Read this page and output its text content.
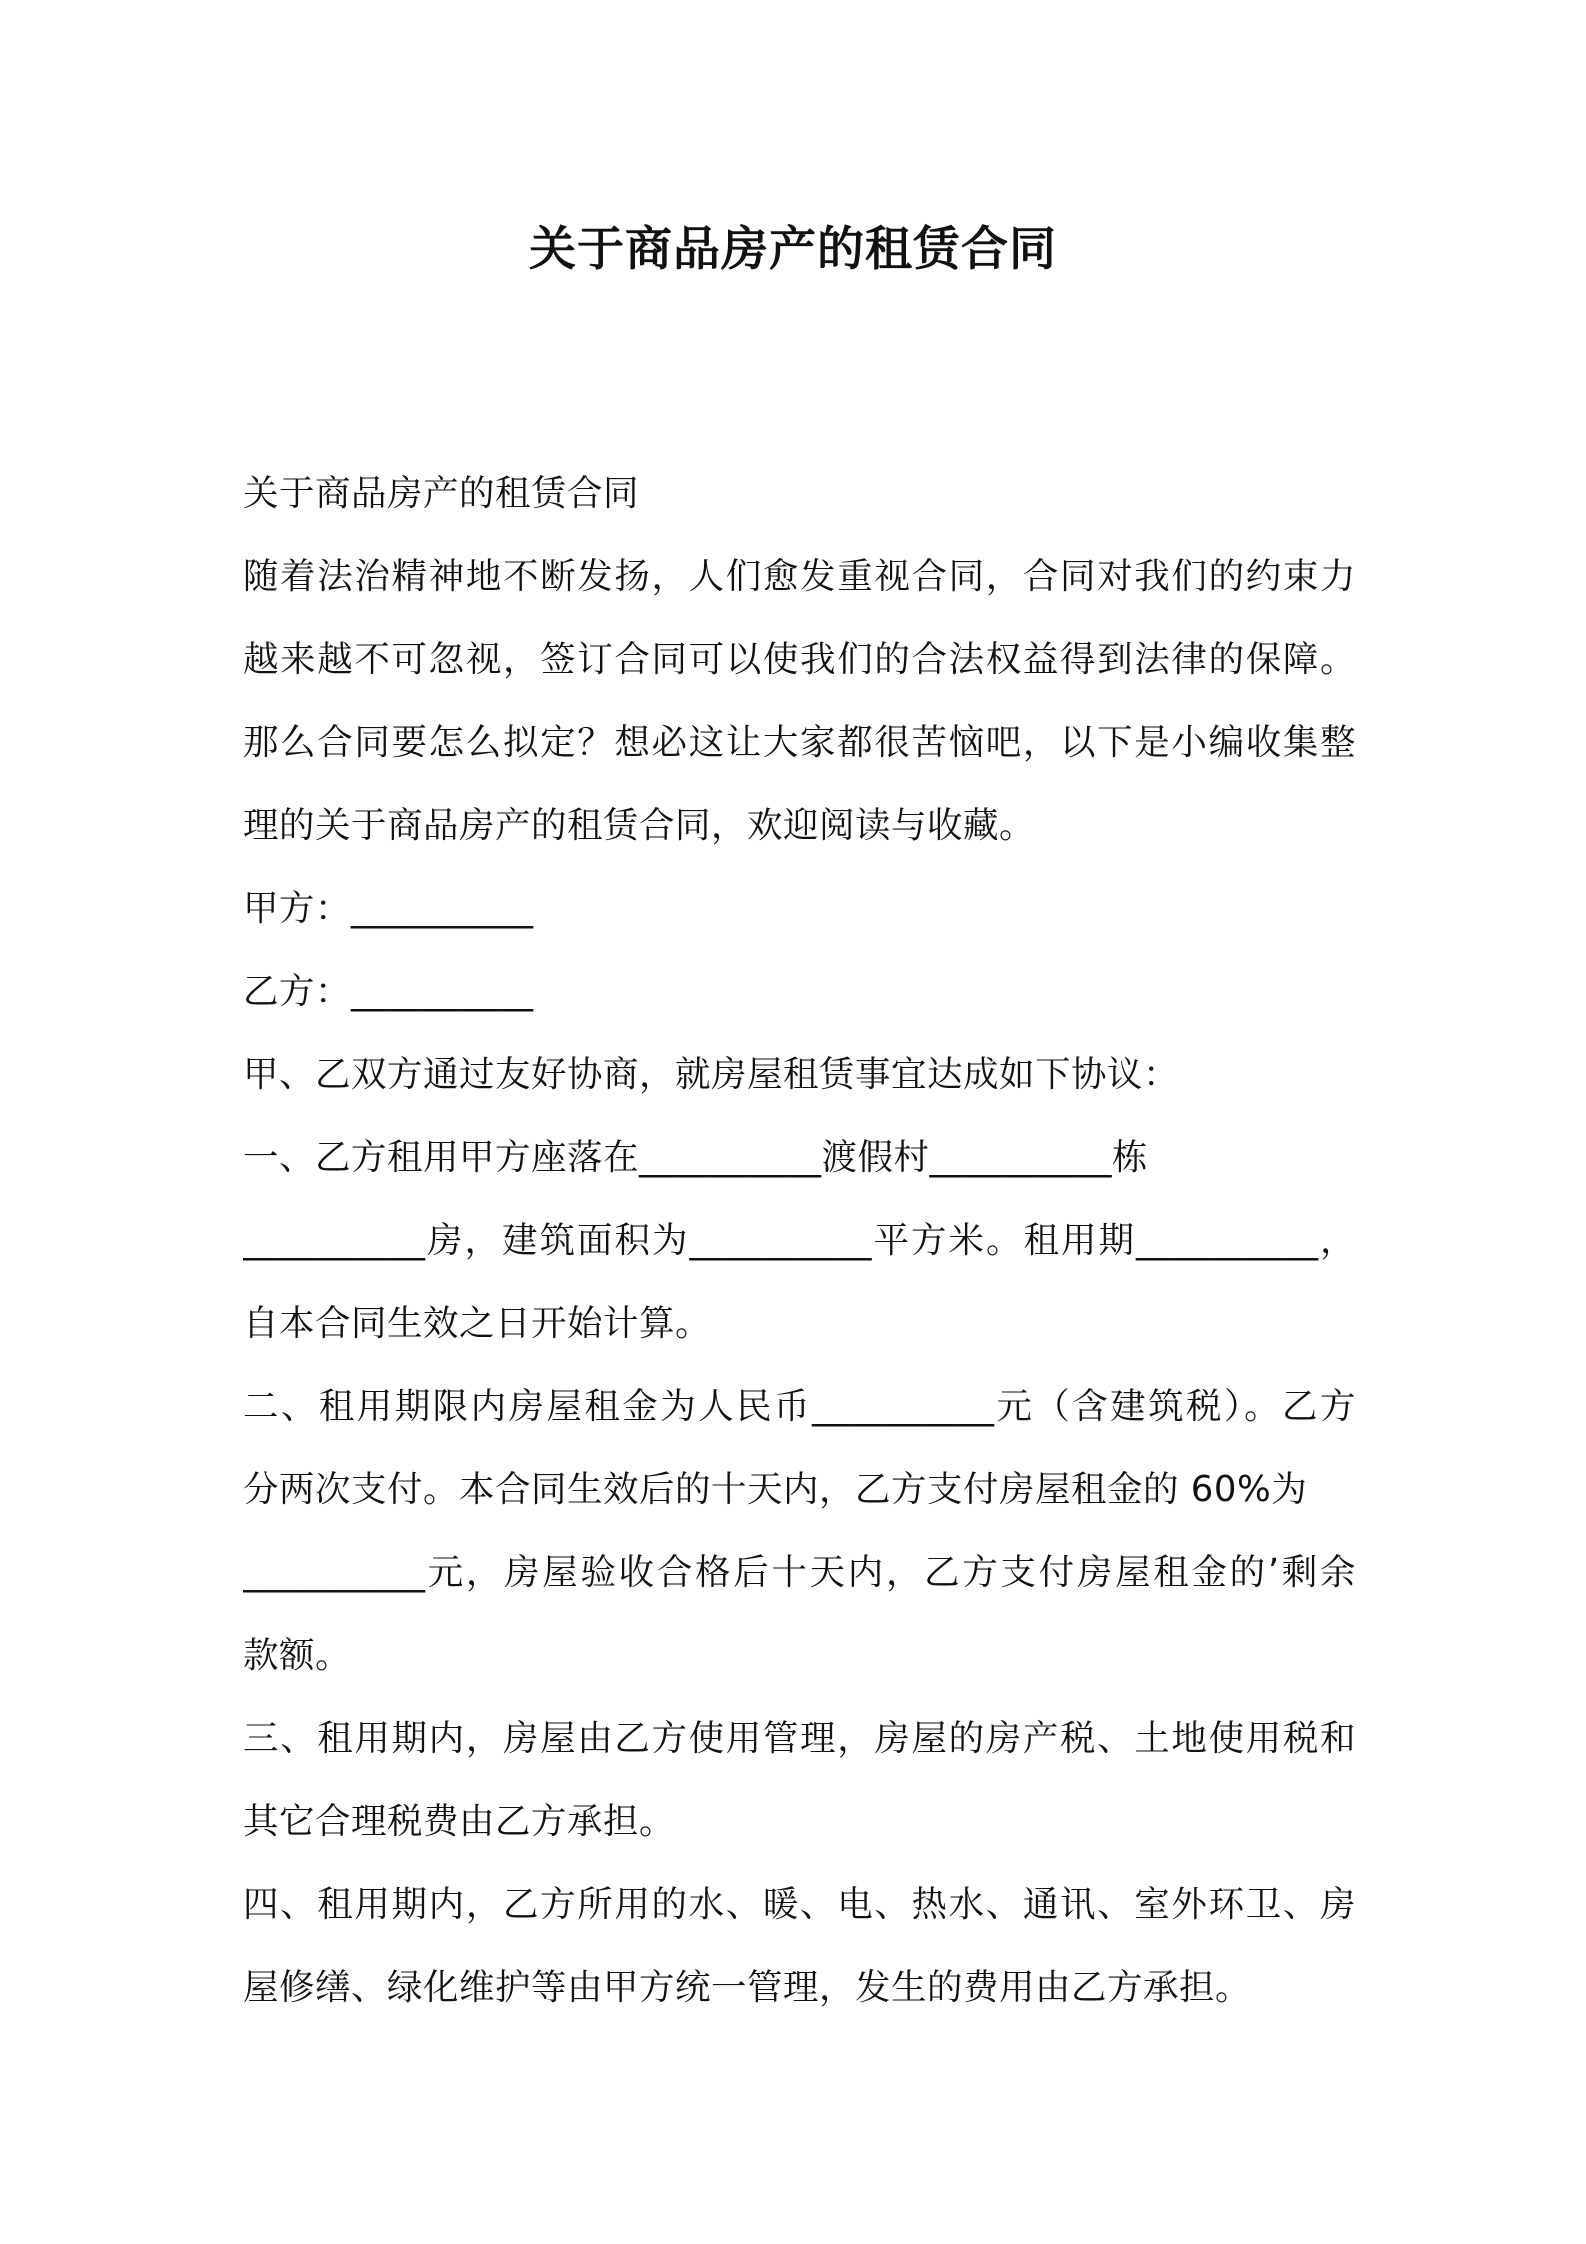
关于商品房产的租赁合同
关于商品房产的租赁合同
随着法治精神地不断发扬，人们愈发重视合同，合同对我们的约束力
越来越不可忽视，签订合同可以使我们的合法权益得到法律的保障。
那么合同要怎么拟定？想必这让大家都很苦恼吧，以下是小编收集整
理的关于商品房产的租赁合同，欢迎阅读与收藏。
甲方：__________
乙方：__________
甲、乙双方通过友好协商，就房屋租赁事宜达成如下协议：
一、乙方租用甲方座落在__________渡假村__________栋
__________房，建筑面积为__________平方米。租用期__________，
自本合同生效之日开始计算。
二、租用期限内房屋租金为人民币__________元（含建筑税）。乙方
分两次支付。本合同生效后的十天内，乙方支付房屋租金的 60%为
__________元，房屋验收合格后十天内，乙方支付房屋租金的’剩余
款额。
三、租用期内，房屋由乙方使用管理，房屋的房产税、土地使用税和
其它合理税费由乙方承担。
四、租用期内，乙方所用的水、暖、电、热水、通讯、室外环卫、房
屋修缮、绿化维护等由甲方统一管理，发生的费用由乙方承担。
